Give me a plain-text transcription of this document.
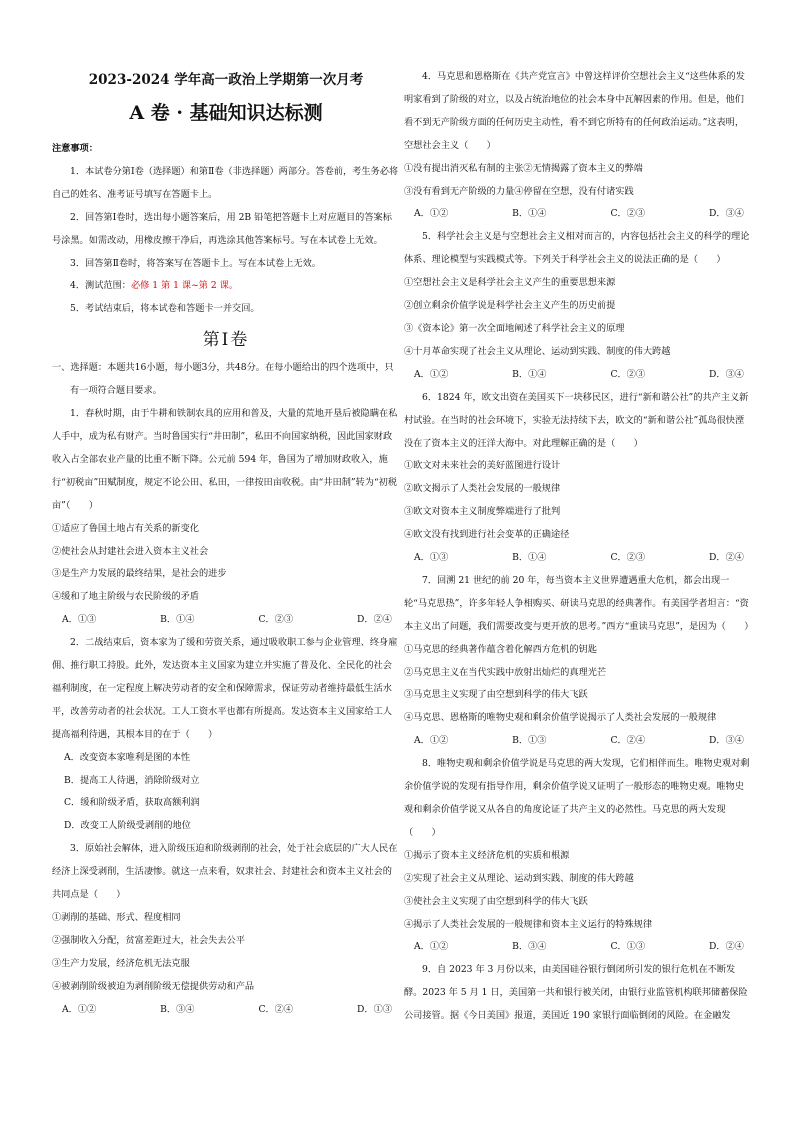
2023-2024 学年高一政治上学期第一次月考

A 卷 · 基础知识达标测

注意事项：

1．本试卷分第Ⅰ卷（选择题）和第Ⅱ卷（非选择题）两部分。答卷前，考生务必将自己的姓名、准考证号填写在答题卡上。

2．回答第Ⅰ卷时，选出每小题答案后，用 2B 铅笔把答题卡上对应题目的答案标号涂黑。如需改动，用橡皮擦干净后，再选涂其他答案标号。写在本试卷上无效。

3．回答第Ⅱ卷时，将答案写在答题卡上。写在本试卷上无效。

4．测试范围：必修 1 第 1 课~第 2 课。

5．考试结束后，将本试卷和答题卡一并交回。

第Ⅰ卷

一、选择题：本题共16小题，每小题3分，共48分。在每小题给出的四个选项中，只有一项符合题目要求。

1．春秋时期，由于牛耕和铁制农具的应用和普及，大量的荒地开垦后被隐瞒在私人手中，成为私有财产。当时鲁国实行“井田制”，私田不向国家纳税，因此国家财政收入占全部农业产量的比重不断下降。公元前 594 年，鲁国为了增加财政收入，施行“初税亩”田赋制度，规定不论公田、私田，一律按田亩收税。由“井田制”转为“初税亩”（　　）

①适应了鲁国土地占有关系的新变化

②使社会从封建社会进入资本主义社会

③是生产力发展的最终结果，是社会的进步

④缓和了地主阶级与农民阶级的矛盾

A．①③	B．①④	C．②③	D．②④

2．二战结束后，资本家为了缓和劳资关系，通过吸收职工参与企业管理、终身雇佣、推行职工持股。此外，发达资本主义国家为建立并实施了普及化、全民化的社会福利制度，在一定程度上解决劳动者的安全和保障需求，保证劳动者维持最低生活水平，改善劳动者的社会状况。工人工资水平也都有所提高。发达资本主义国家给工人提高福利待遇，其根本目的在于（　　）

A．改变资本家唯利是图的本性

B．提高工人待遇，消除阶级对立

C．缓和阶级矛盾，获取高额利润

D．改变工人阶级受剥削的地位

3．原始社会解体，进入阶级压迫和阶级剥削的社会，处于社会底层的广大人民在经济上深受剥削，生活凄惨。就这一点来看，奴隶社会、封建社会和资本主义社会的共同点是（　　）

①剥削的基础、形式、程度相同

②强制收入分配，贫富差距过大，社会失去公平

③生产力发展，经济危机无法克服

④被剥削阶级被迫为剥削阶级无偿提供劳动和产品

A．①②	B．③④	C．②④	D．①③

4．马克思和恩格斯在《共产党宣言》中曾这样评价空想社会主义“这些体系的发明家看到了阶级的对立，以及占统治地位的社会本身中瓦解因素的作用。但是，他们看不到无产阶级方面的任何历史主动性，看不到它所特有的任何政治运动。”这表明，空想社会主义（　　）

①没有提出消灭私有制的主张②无情揭露了资本主义的弊端

③没有看到无产阶级的力量④停留在空想，没有付诸实践

A．①②	B．①④	C．②③	D．③④

5．科学社会主义是与空想社会主义相对而言的，内容包括社会主义的科学的理论体系、理论模型与实践模式等。下列关于科学社会主义的说法正确的是（　　）

①空想社会主义是科学社会主义产生的重要思想来源

②创立剩余价值学说是科学社会主义产生的历史前提

③《资本论》第一次全面地阐述了科学社会主义的原理

④十月革命实现了社会主义从理论、运动到实践、制度的伟大跨越

A．①②	B．①④	C．②③	D．③④

6．1824 年，欧文出资在美国买下一块移民区，进行“新和谐公社”的共产主义新村试验。在当时的社会环境下，实验无法持续下去，欧文的“新和谐公社”孤岛很快湮没在了资本主义的汪洋大海中。对此理解正确的是（　　）

①欧文对未来社会的美好蓝图进行设计

②欧文揭示了人类社会发展的一般规律

③欧文对资本主义制度弊端进行了批判

④欧文没有找到进行社会变革的正确途径

A．①③	B．①④	C．②③	D．②④

7．回溯 21 世纪的前 20 年，每当资本主义世界遭遇重大危机，都会出现一轮“马克思热”，许多年轻人争相购买、研读马克思的经典著作。有美国学者坦言：“资本主义出了问题，我们需要改变与更开放的思考。”西方“重读马克思”，是因为（　　）

①马克思的经典著作蕴含着化解西方危机的钥匙

②马克思主义在当代实践中放射出灿烂的真理光芒

③马克思主义实现了由空想到科学的伟大飞跃

④马克思、恩格斯的唯物史观和剩余价值学说揭示了人类社会发展的一般规律

A．①②	B．①③	C．②④	D．③④

8．唯物史观和剩余价值学说是马克思的两大发现，它们相伴而生。唯物史观对剩余价值学说的发现有指导作用，剩余价值学说又证明了一般形态的唯物史观。唯物史观和剩余价值学说又从各自的角度论证了共产主义的必然性。马克思的两大发现（　　）

①揭示了资本主义经济危机的实质和根源

②实现了社会主义从理论、运动到实践、制度的伟大跨越

③使社会主义实现了由空想到科学的伟大飞跃

④揭示了人类社会发展的一般规律和资本主义运行的特殊规律

A．①②	B．③④	C．①③	D．②④

9．自 2023 年 3 月份以来，由美国硅谷银行倒闭所引发的银行危机在不断发酵。2023 年 5 月 1 日，美国第一共和银行被关闭，由银行业监管机构联邦储蓄保险公司接管。据《今日美国》报道，美国近 190 家银行面临倒闭的风险。在金融发
